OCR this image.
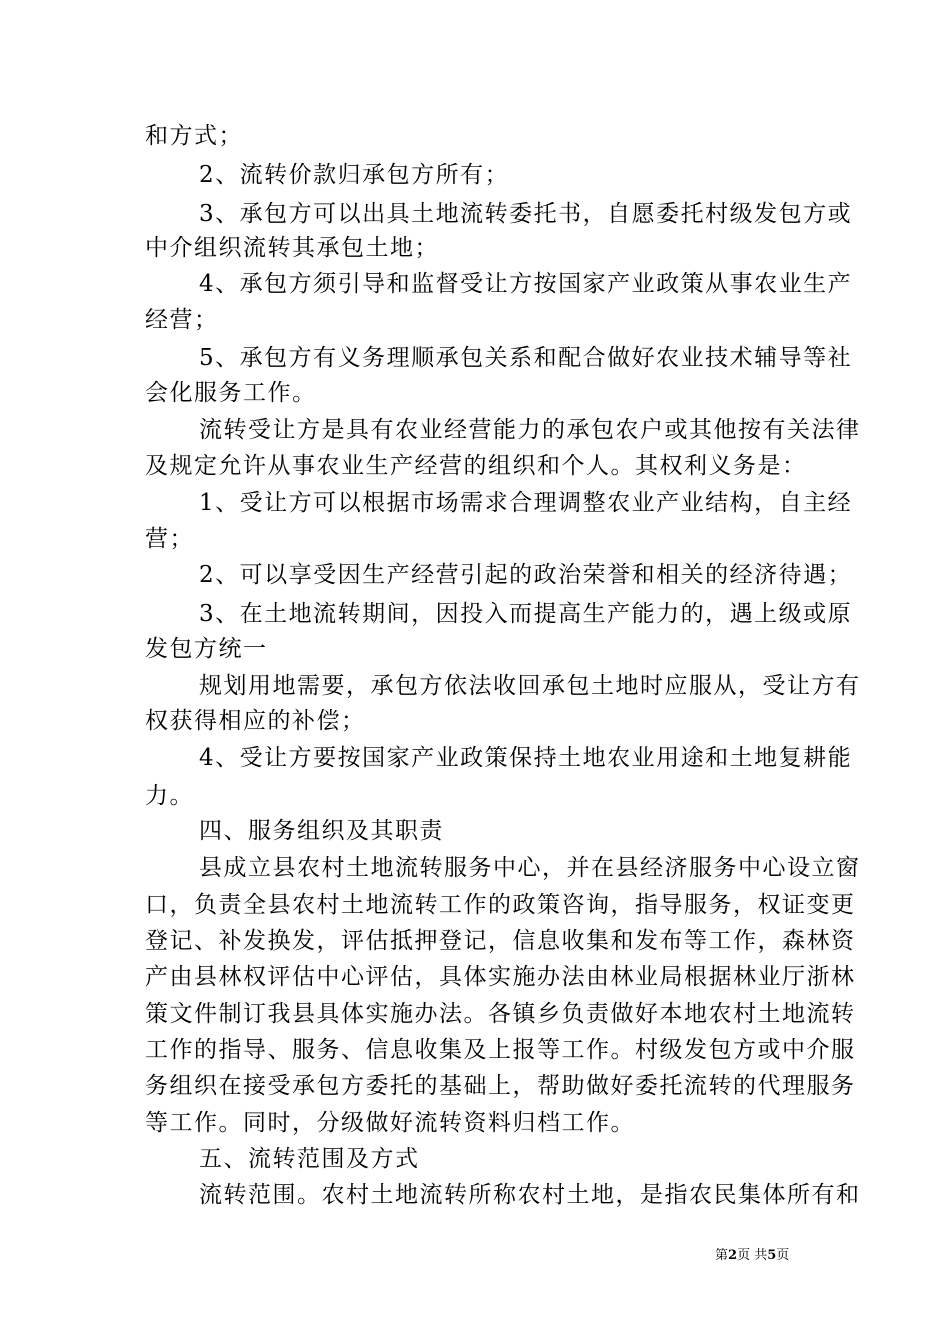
和方式；
2、流转价款归承包方所有；
3、承包方可以出具土地流转委托书，自愿委托村级发包方或
中介组织流转其承包土地；
4、承包方须引导和监督受让方按国家产业政策从事农业生产
经营；
5、承包方有义务理顺承包关系和配合做好农业技术辅导等社
会化服务工作。
流转受让方是具有农业经营能力的承包农户或其他按有关法律
及规定允许从事农业生产经营的组织和个人。其权利义务是：
1、受让方可以根据市场需求合理调整农业产业结构，自主经
营；
2、可以享受因生产经营引起的政治荣誉和相关的经济待遇；
3、在土地流转期间，因投入而提高生产能力的，遇上级或原
发包方统一
规划用地需要，承包方依法收回承包土地时应服从，受让方有
权获得相应的补偿；
4、受让方要按国家产业政策保持土地农业用途和土地复耕能
力。
四、服务组织及其职责
县成立县农村土地流转服务中心，并在县经济服务中心设立窗
口，负责全县农村土地流转工作的政策咨询，指导服务，权证变更
登记、补发换发，评估抵押登记，信息收集和发布等工作，森林资
产由县林权评估中心评估，具体实施办法由林业局根据林业厅浙林
策文件制订我县具体实施办法。各镇乡负责做好本地农村土地流转
工作的指导、服务、信息收集及上报等工作。村级发包方或中介服
务组织在接受承包方委托的基础上，帮助做好委托流转的代理服务
等工作。同时，分级做好流转资料归档工作。
五、流转范围及方式
流转范围。农村土地流转所称农村土地，是指农民集体所有和
第2页 共5页
